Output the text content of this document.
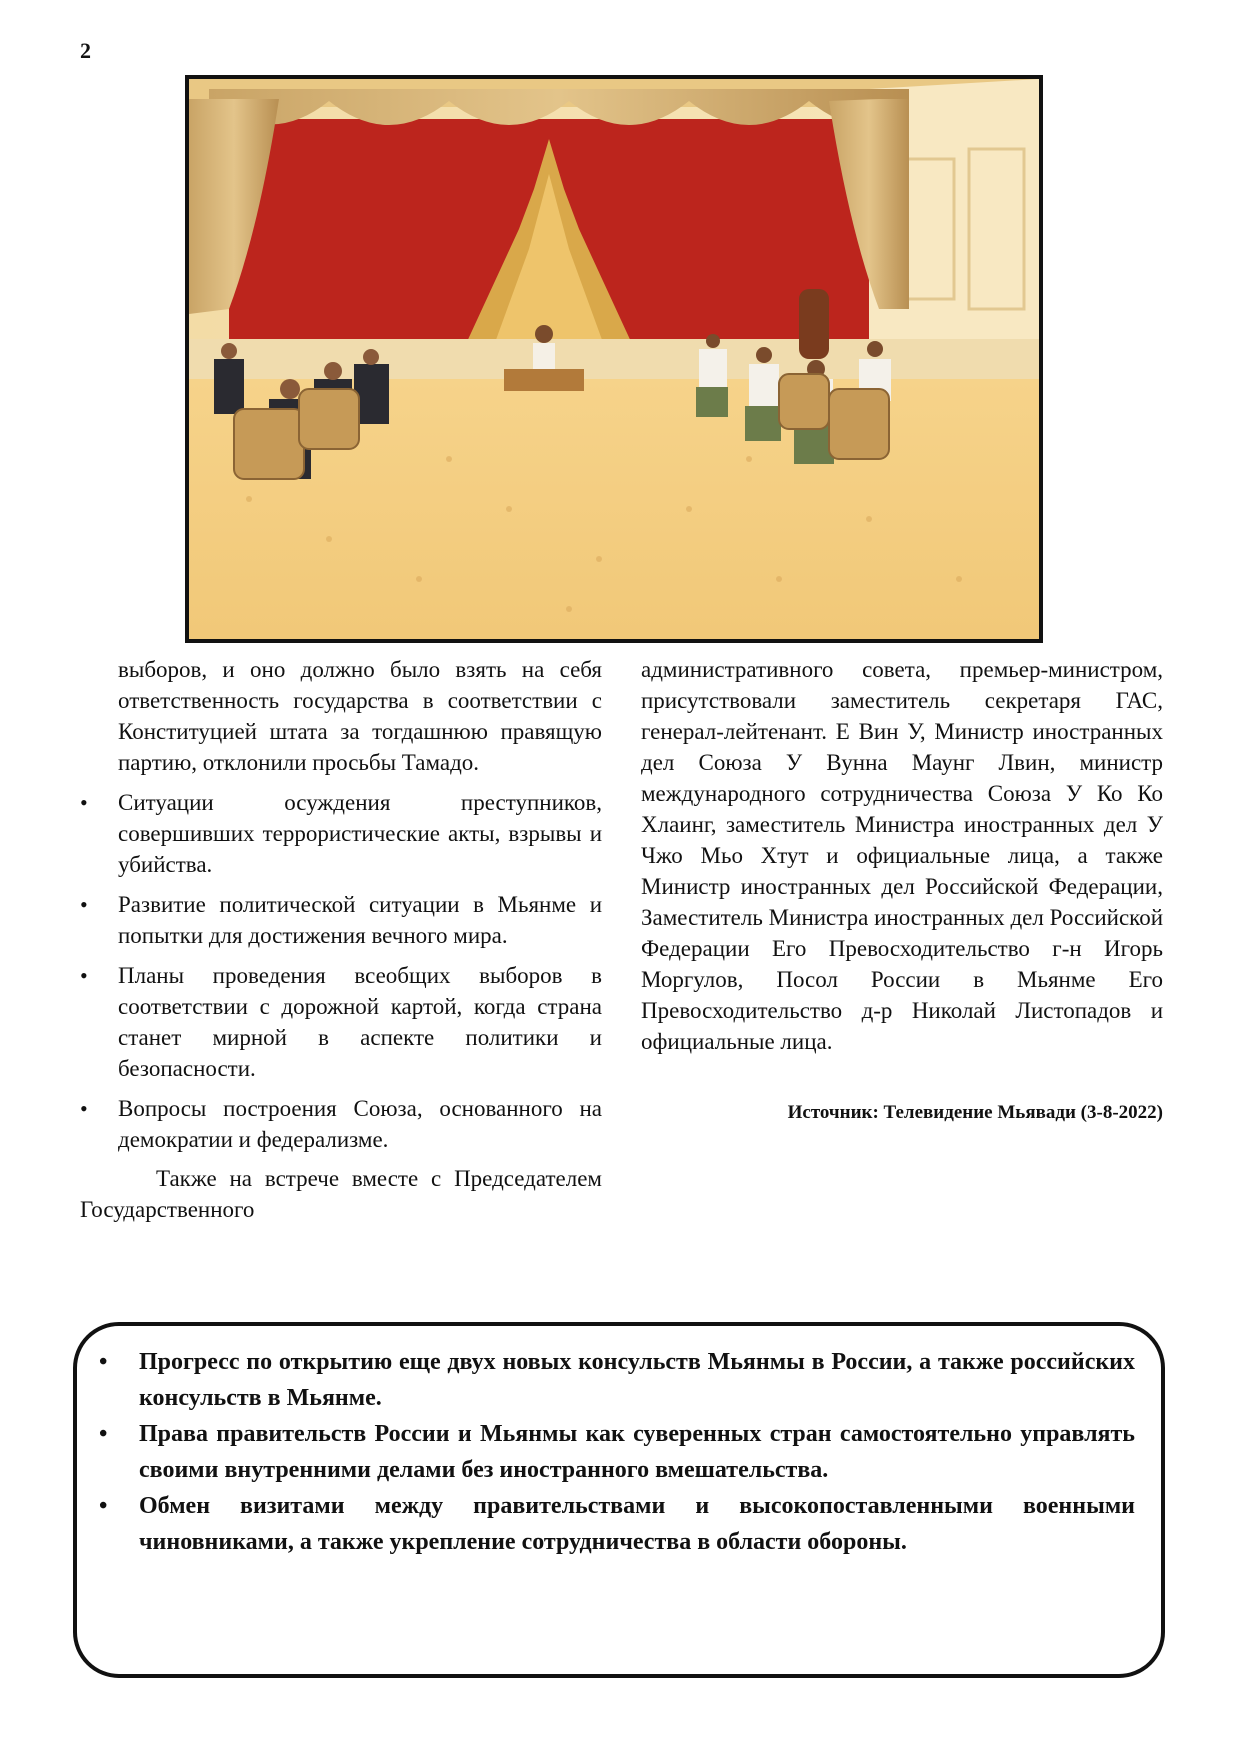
2

выборов, и оно должно было взять на себя ответственность государства в соответствии с Конституцией штата за тогдашнюю правящую партию, отклонили просьбы Тамадо.

• Ситуации осуждения преступников, совершивших террористические акты, взрывы и убийства.
• Развитие политической ситуации в Мьянме и попытки для достижения вечного мира.
• Планы проведения всеобщих выборов в соответствии с дорожной картой, когда страна станет мирной в аспекте политики и безопасности.
• Вопросы построения Союза, основанного на демократии и федерализме.

Также на встрече вместе с Председателем Государственного

административного совета, премьер-министром, присутствовали заместитель секретаря ГАС, генерал-лейтенант. Е Вин У, Министр иностранных дел Союза У Вунна Маунг Лвин, министр международного сотрудничества Союза У Ко Ко Хлаинг, заместитель Министра иностранных дел У Чжо Мьо Хтут и официальные лица, а также Министр иностранных дел Российской Федерации, Заместитель Министра иностранных дел Российской Федерации Его Превосходительство г-н Игорь Моргулов, Посол России в Мьянме Его Превосходительство д-р Николай Листопадов и официальные лица.

Источник: Телевидение Мьявади (3-8-2022)
• Прогресс по открытию еще двух новых консульств Мьянмы в России, а также российских консульств в Мьянме.
• Права правительств России и Мьянмы как суверенных стран самостоятельно управлять своими внутренними делами без иностранного вмешательства.
• Обмен визитами между правительствами и высокопоставленными военными чиновниками, а также укрепление сотрудничества в области обороны.
